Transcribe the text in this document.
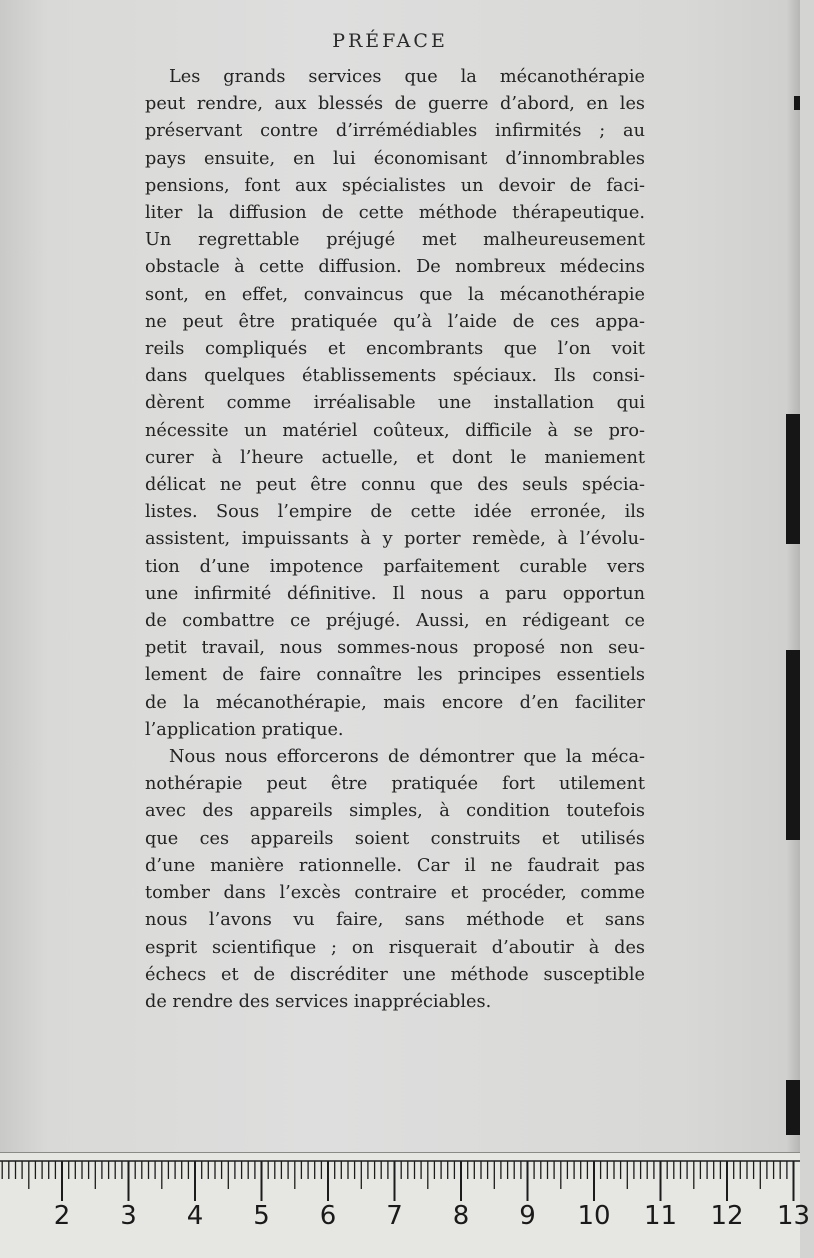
PRÉFACE
Les grands services que la mécanothérapie
peut rendre, aux blessés de guerre d’abord, en les
préservant contre d’irrémédiables infirmités ; au
pays ensuite, en lui économisant d’innombrables
pensions, font aux spécialistes un devoir de faci-
liter la diffusion de cette méthode thérapeutique.
Un regrettable préjugé met malheureusement
obstacle à cette diffusion. De nombreux médecins
sont, en effet, convaincus que la mécanothérapie
ne peut être pratiquée qu’à l’aide de ces appa-
reils compliqués et encombrants que l’on voit
dans quelques établissements spéciaux. Ils consi-
dèrent comme irréalisable une installation qui
nécessite un matériel coûteux, difficile à se pro-
curer à l’heure actuelle, et dont le maniement
délicat ne peut être connu que des seuls spécia-
listes. Sous l’empire de cette idée erronée, ils
assistent, impuissants à y porter remède, à l’évolu-
tion d’une impotence parfaitement curable vers
une infirmité définitive. Il nous a paru opportun
de combattre ce préjugé. Aussi, en rédigeant ce
petit travail, nous sommes-nous proposé non seu-
lement de faire connaître les principes essentiels
de la mécanothérapie, mais encore d’en faciliter
l’application pratique.
Nous nous efforcerons de démontrer que la méca-
nothérapie peut être pratiquée fort utilement
avec des appareils simples, à condition toutefois
que ces appareils soient construits et utilisés
d’une manière rationnelle. Car il ne faudrait pas
tomber dans l’excès contraire et procéder, comme
nous l’avons vu faire, sans méthode et sans
esprit scientifique ; on risquerait d’aboutir à des
échecs et de discréditer une méthode susceptible
de rendre des services inappréciables.
2	3	4	5	6	7	8	9	10 11 12 13
